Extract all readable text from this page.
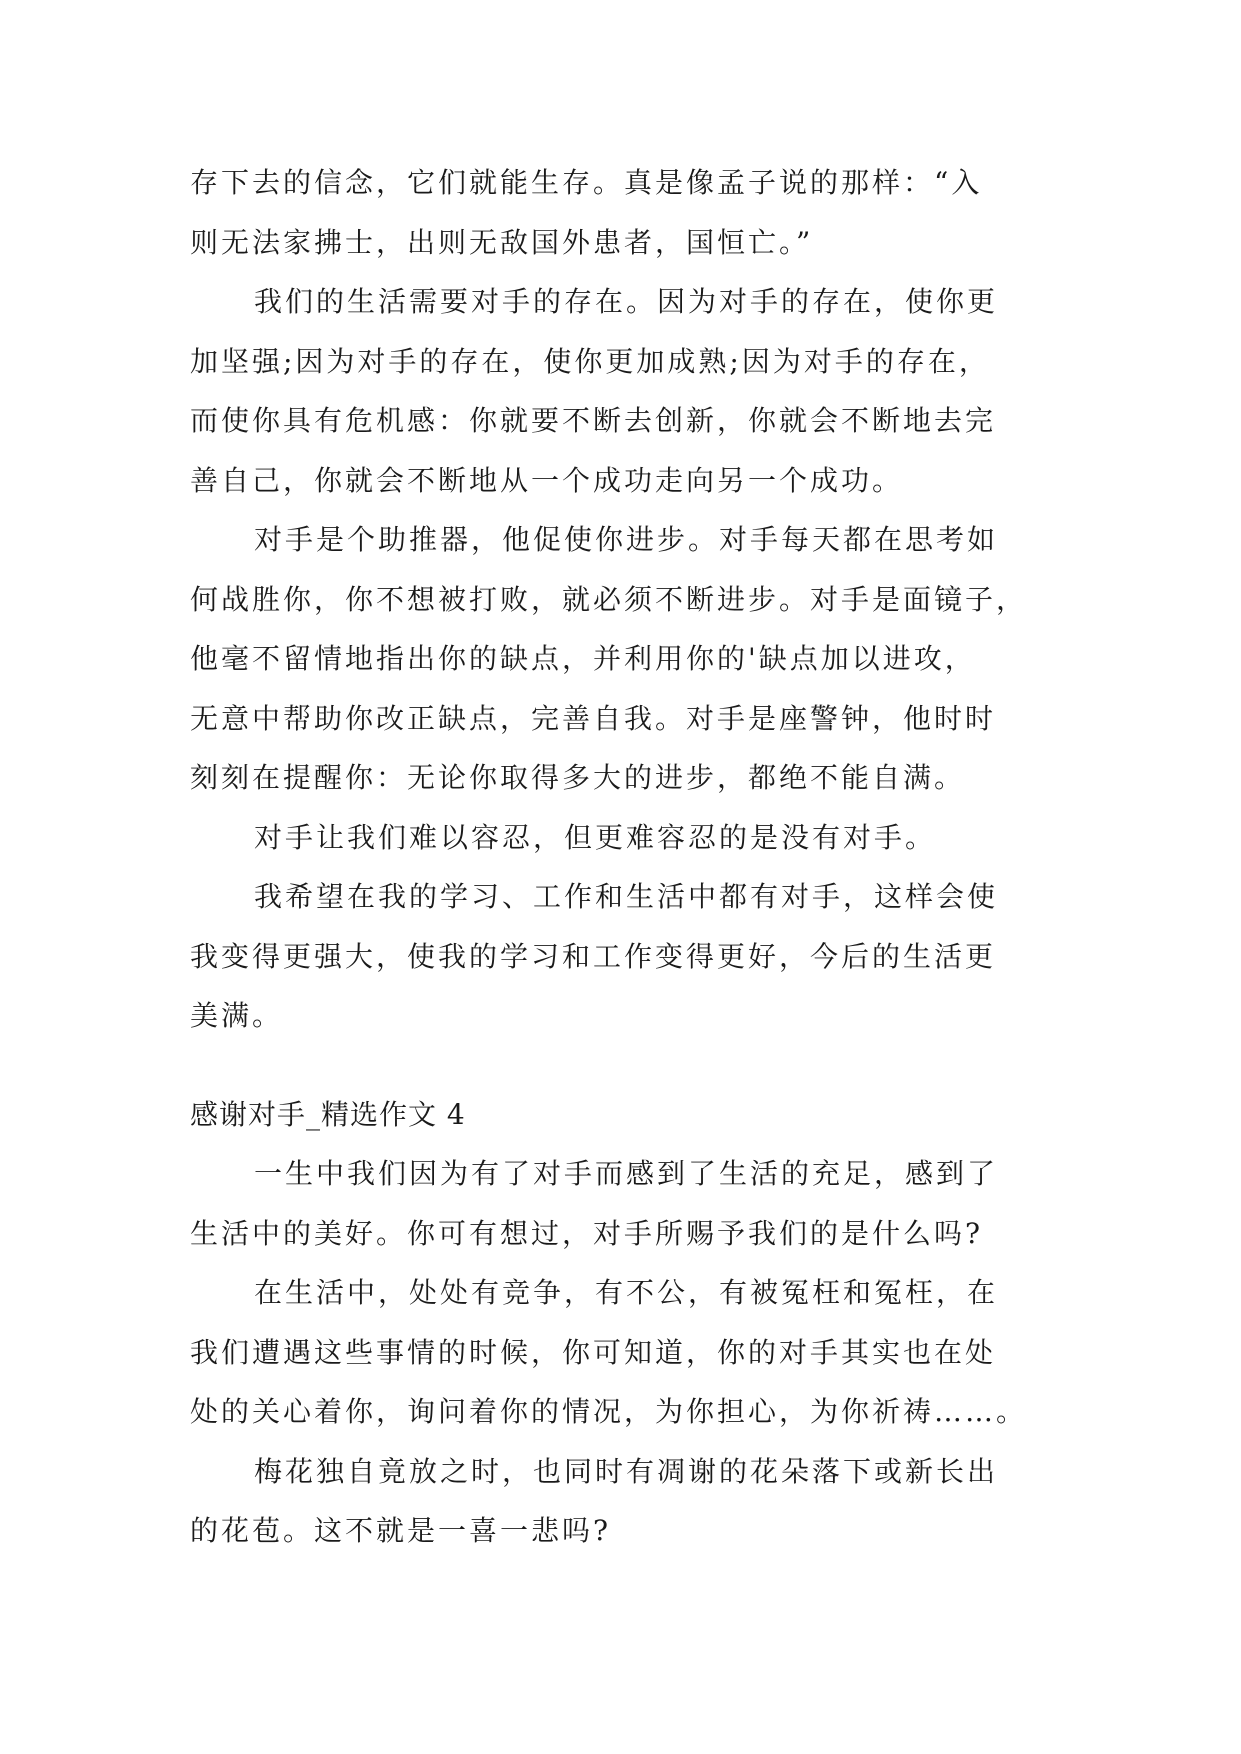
存下去的信念，它们就能生存。真是像孟子说的那样：“入
则无法家拂士，出则无敌国外患者，国恒亡。”
我们的生活需要对手的存在。因为对手的存在，使你更
加坚强;因为对手的存在，使你更加成熟;因为对手的存在，
而使你具有危机感：你就要不断去创新，你就会不断地去完
善自己，你就会不断地从一个成功走向另一个成功。
对手是个助推器，他促使你进步。对手每天都在思考如
何战胜你，你不想被打败，就必须不断进步。对手是面镜子，
他毫不留情地指出你的缺点，并利用你的'缺点加以进攻，
无意中帮助你改正缺点，完善自我。对手是座警钟，他时时
刻刻在提醒你：无论你取得多大的进步，都绝不能自满。
对手让我们难以容忍，但更难容忍的是没有对手。
我希望在我的学习、工作和生活中都有对手，这样会使
我变得更强大，使我的学习和工作变得更好，今后的生活更
美满。
感谢对手_精选作文 4
一生中我们因为有了对手而感到了生活的充足，感到了
生活中的美好。你可有想过，对手所赐予我们的是什么吗?
在生活中，处处有竞争，有不公，有被冤枉和冤枉，在
我们遭遇这些事情的时候，你可知道，你的对手其实也在处
处的关心着你，询问着你的情况，为你担心，为你祈祷……。
梅花独自竟放之时，也同时有凋谢的花朵落下或新长出
的花苞。这不就是一喜一悲吗?
